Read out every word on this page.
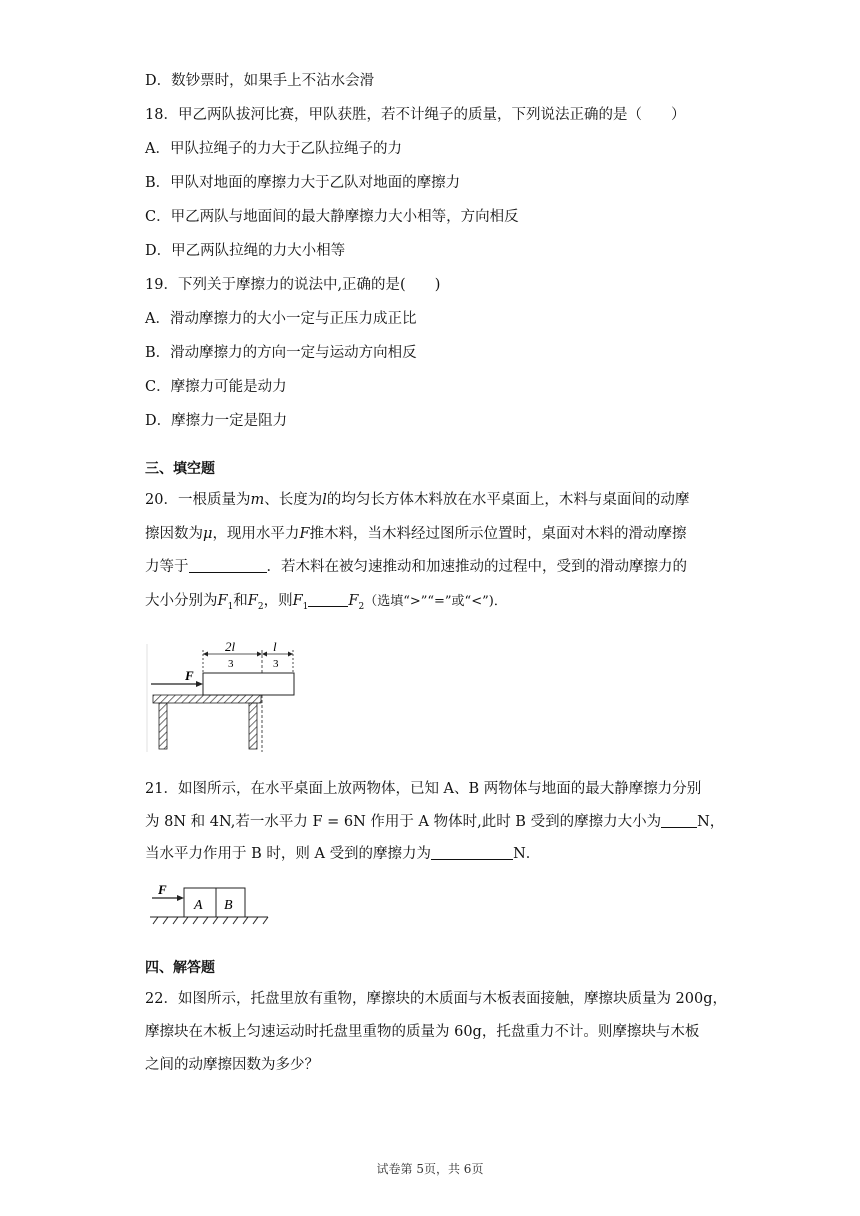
D．数钞票时，如果手上不沾水会滑
18．甲乙两队拔河比赛，甲队获胜，若不计绳子的质量，下列说法正确的是（　　）
A．甲队拉绳子的力大于乙队拉绳子的力
B．甲队对地面的摩擦力大于乙队对地面的摩擦力
C．甲乙两队与地面间的最大静摩擦力大小相等，方向相反
D．甲乙两队拉绳的力大小相等
19．下列关于摩擦力的说法中,正确的是(　　)
A．滑动摩擦力的大小一定与正压力成正比
B．滑动摩擦力的方向一定与运动方向相反
C．摩擦力可能是动力
D．摩擦力一定是阻力
三、填空题
20．一根质量为m、长度为l的均匀长方体木料放在水平桌面上，木料与桌面间的动摩
擦因数为μ，现用水平力F推木料，当木料经过图所示位置时，桌面对木料的滑动摩擦
力等于	．若木料在被匀速推动和加速推动的过程中，受到的滑动摩擦力的
大小分别为$F_1$和$F_2$，则$F_1$	$F_2$（选填“>”“=”或“<”)．
2l
3
l
3
F
21．如图所示，在水平桌面上放两物体，已知 A、B 两物体与地面的最大静摩擦力分别
为 8N 和 4N,若一水平力 F = 6N 作用于 A 物体时,此时 B 受到的摩擦力大小为 N，
当水平力作用于 B 时，则 A 受到的摩擦力为	N．
F
A B
四、解答题
22．如图所示，托盘里放有重物，摩擦块的木质面与木板表面接触，摩擦块质量为 200g，
摩擦块在木板上匀速运动时托盘里重物的质量为 60g，托盘重力不计。则摩擦块与木板
之间的动摩擦因数为多少？
试卷第 5页，共 6页
